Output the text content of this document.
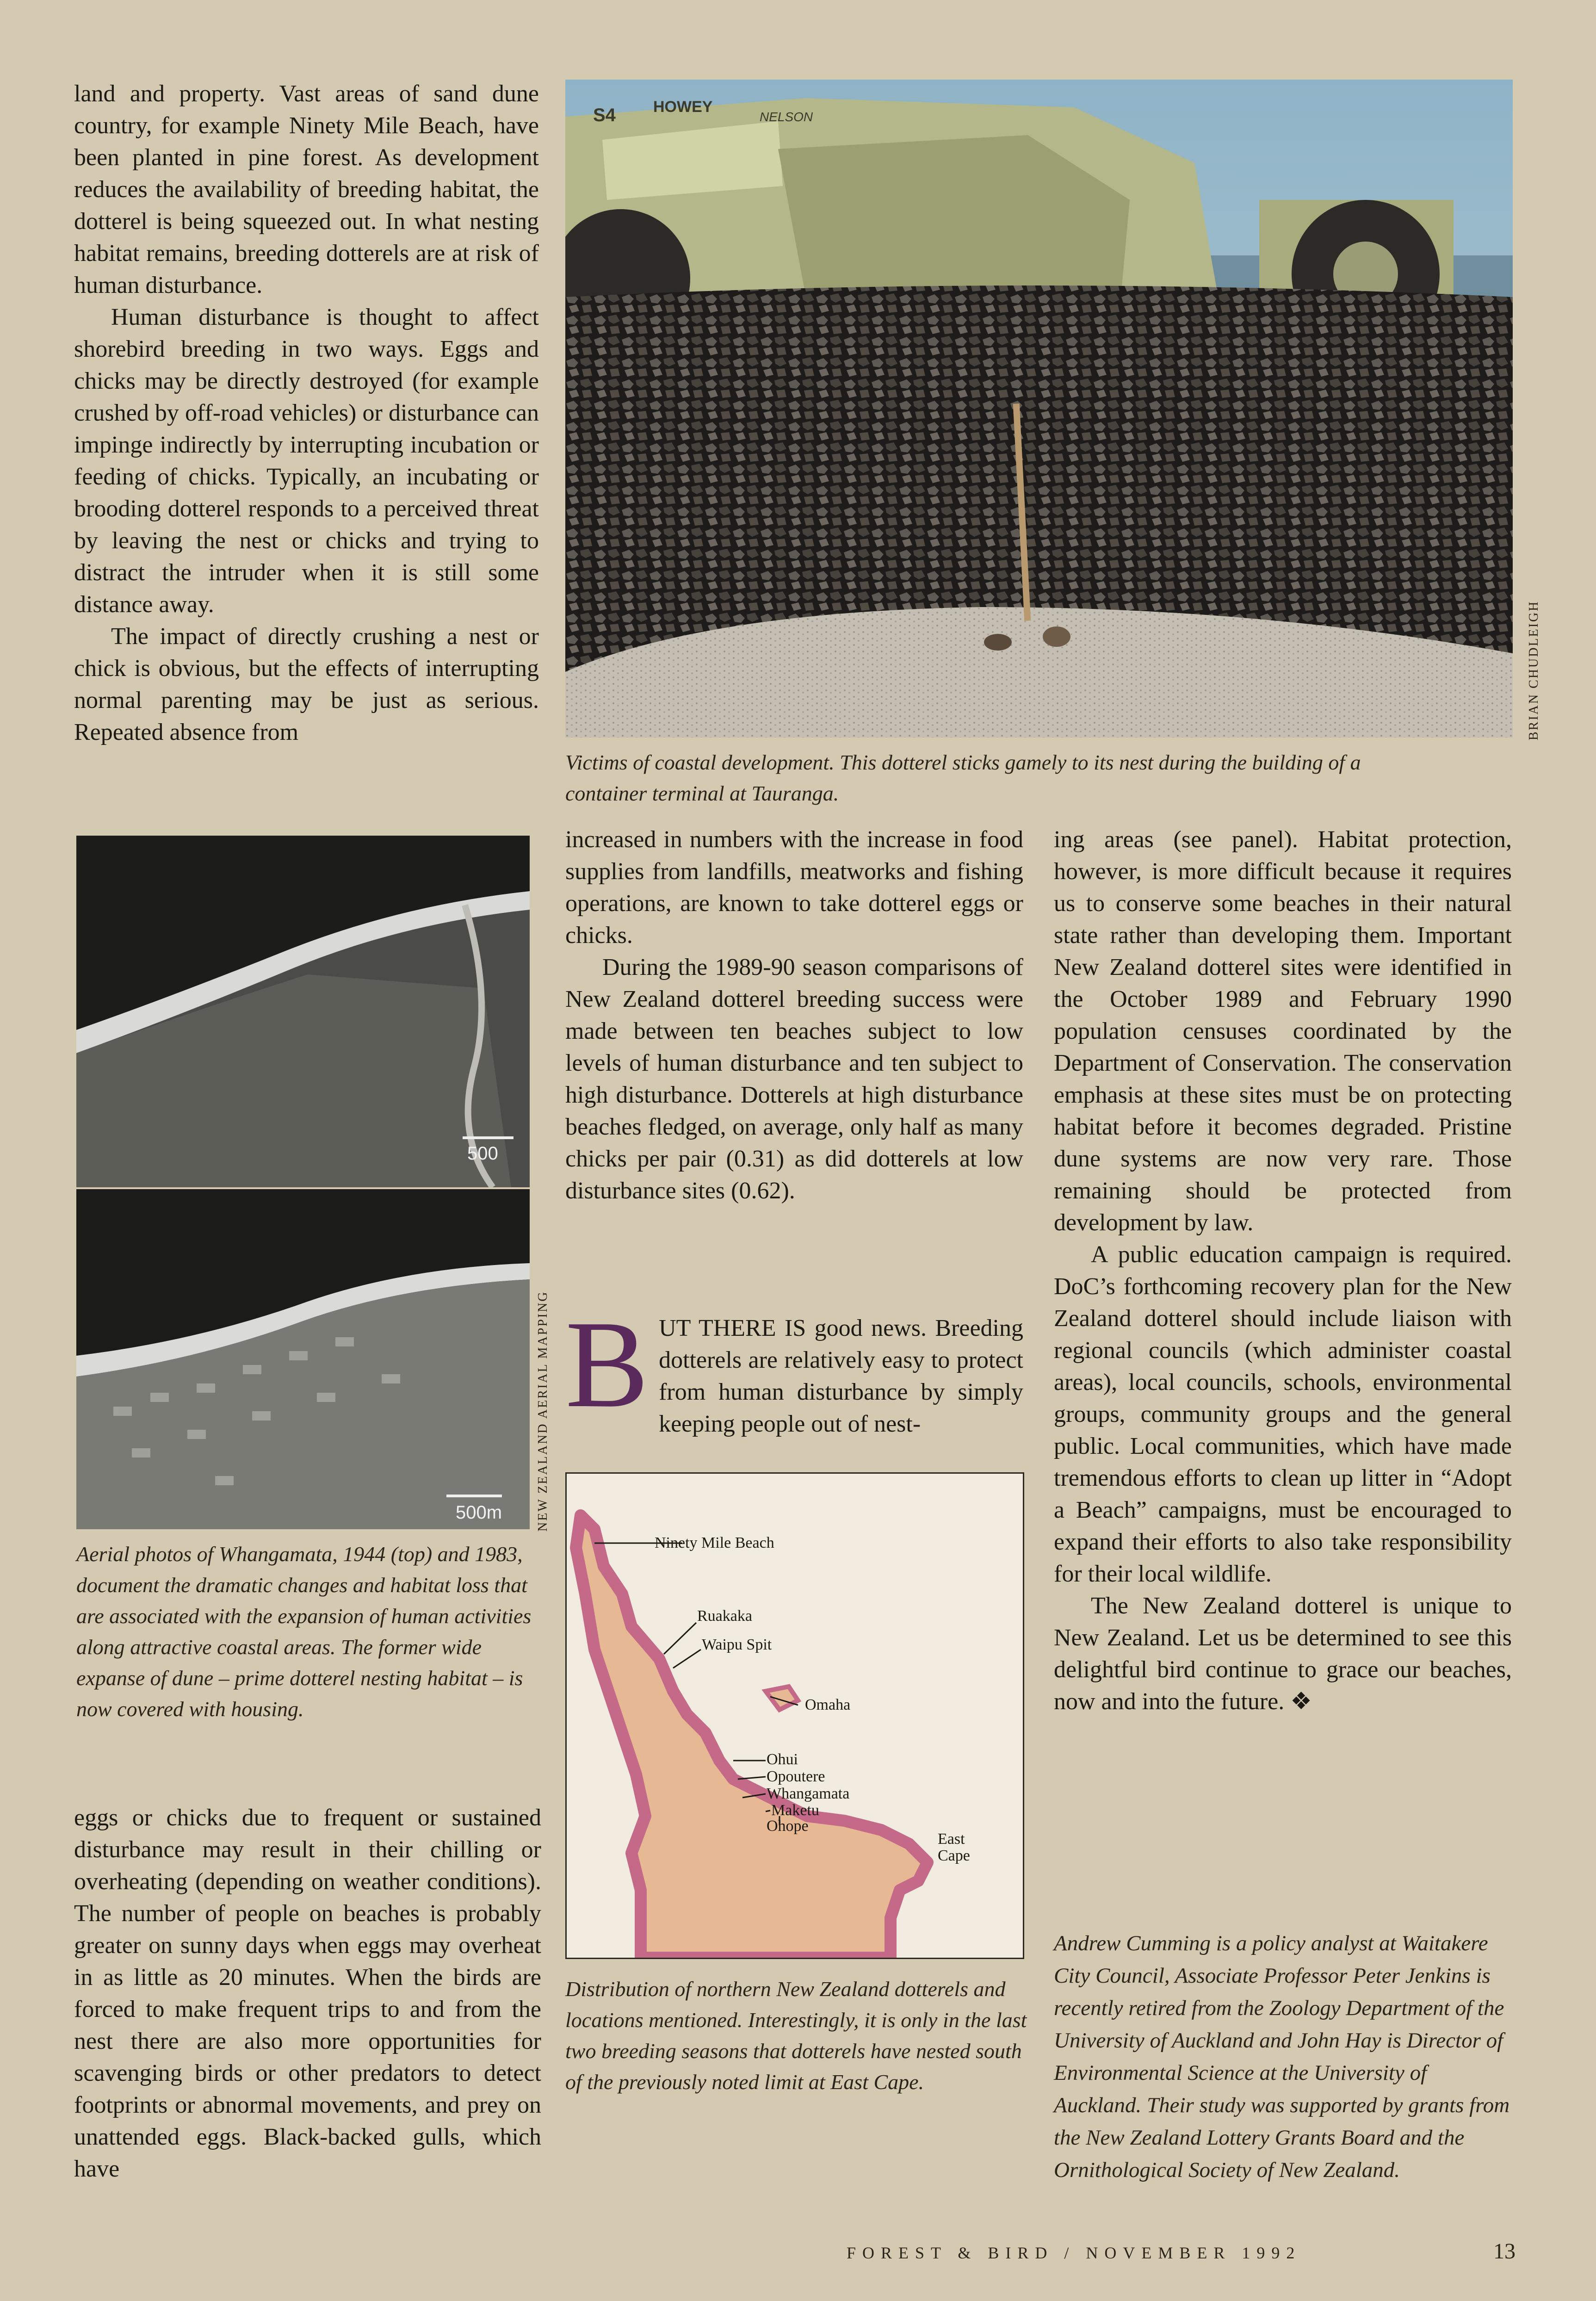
land and property. Vast areas of sand dune country, for example Ninety Mile Beach, have been planted in pine forest. As development reduces the availability of breeding habitat, the dotterel is being squeezed out. In what nesting habitat remains, breeding dotterels are at risk of human disturbance.

Human disturbance is thought to affect shorebird breeding in two ways. Eggs and chicks may be directly destroyed (for example crushed by off-road vehicles) or disturbance can impinge indirectly by interrupting incubation or feeding of chicks. Typically, an incubating or brooding dotterel responds to a perceived threat by leaving the nest or chicks and trying to distract the intruder when it is still some distance away.

The impact of directly crushing a nest or chick is obvious, but the effects of interrupting normal parenting may be just as serious. Repeated absence from

S4 HOWEY
NELSON
BRIAN CHUDLEIGH
Victims of coastal development. This dotterel sticks gamely to its nest during the building of a container terminal at Tauranga.
500
500m	NEW ZEALAND AERIAL MAPPING
Aerial photos of Whangamata, 1944 (top) and 1983, document the dramatic changes and habitat loss that are associated with the expansion of human activities along attractive coastal areas. The former wide expanse of dune – prime dotterel nesting habitat – is now covered with housing.

eggs or chicks due to frequent or sustained disturbance may result in their chilling or overheating (depending on weather conditions). The number of people on beaches is probably greater on sunny days when eggs may overheat in as little as 20 minutes. When the birds are forced to make frequent trips to and from the nest there are also more opportunities for scavenging birds or other predators to detect footprints or abnormal movements, and prey on unattended eggs. Black-backed gulls, which have

increased in numbers with the increase in food supplies from landfills, meatworks and fishing operations, are known to take dotterel eggs or chicks.

During the 1989-90 season comparisons of New Zealand dotterel breeding success were made between ten beaches subject to low levels of human disturbance and ten subject to high disturbance. Dotterels at high disturbance beaches fledged, on average, only half as many chicks per pair (0.31) as did dotterels at low disturbance sites (0.62).

BUT THERE IS good news. Breeding dotterels are relatively easy to protect from human disturbance by simply keeping people out of nest-
Ninety Mile Beach
Ruakaka
Waipu Spit
Omaha
Ohui
Opoutere
Whangamata
Maketu
Ohope
East
Cape
Distribution of northern New Zealand dotterels and locations mentioned. Interestingly, it is only in the last two breeding seasons that dotterels have nested south of the previously noted limit at East Cape.

ing areas (see panel). Habitat protection, however, is more difficult because it requires us to conserve some beaches in their natural state rather than developing them. Important New Zealand dotterel sites were identified in the October 1989 and February 1990 population censuses coordinated by the Department of Conservation. The conservation emphasis at these sites must be on protecting habitat before it becomes degraded. Pristine dune systems are now very rare. Those remaining should be protected from development by law.

A public education campaign is required. DoC’s forthcoming recovery plan for the New Zealand dotterel should include liaison with regional councils (which administer coastal areas), local councils, schools, environmental groups, community groups and the general public. Local communities, which have made tremendous efforts to clean up litter in “Adopt a Beach” campaigns, must be encouraged to expand their efforts to also take responsibility for their local wildlife.

The New Zealand dotterel is unique to New Zealand. Let us be determined to see this delightful bird continue to grace our beaches, now and into the future. ❖

Andrew Cumming is a policy analyst at Waitakere City Council, Associate Professor Peter Jenkins is recently retired from the Zoology Department of the University of Auckland and John Hay is Director of Environmental Science at the University of Auckland. Their study was supported by grants from the New Zealand Lottery Grants Board and the Ornithological Society of New Zealand.
FOREST & BIRD / NOVEMBER 1992	13
